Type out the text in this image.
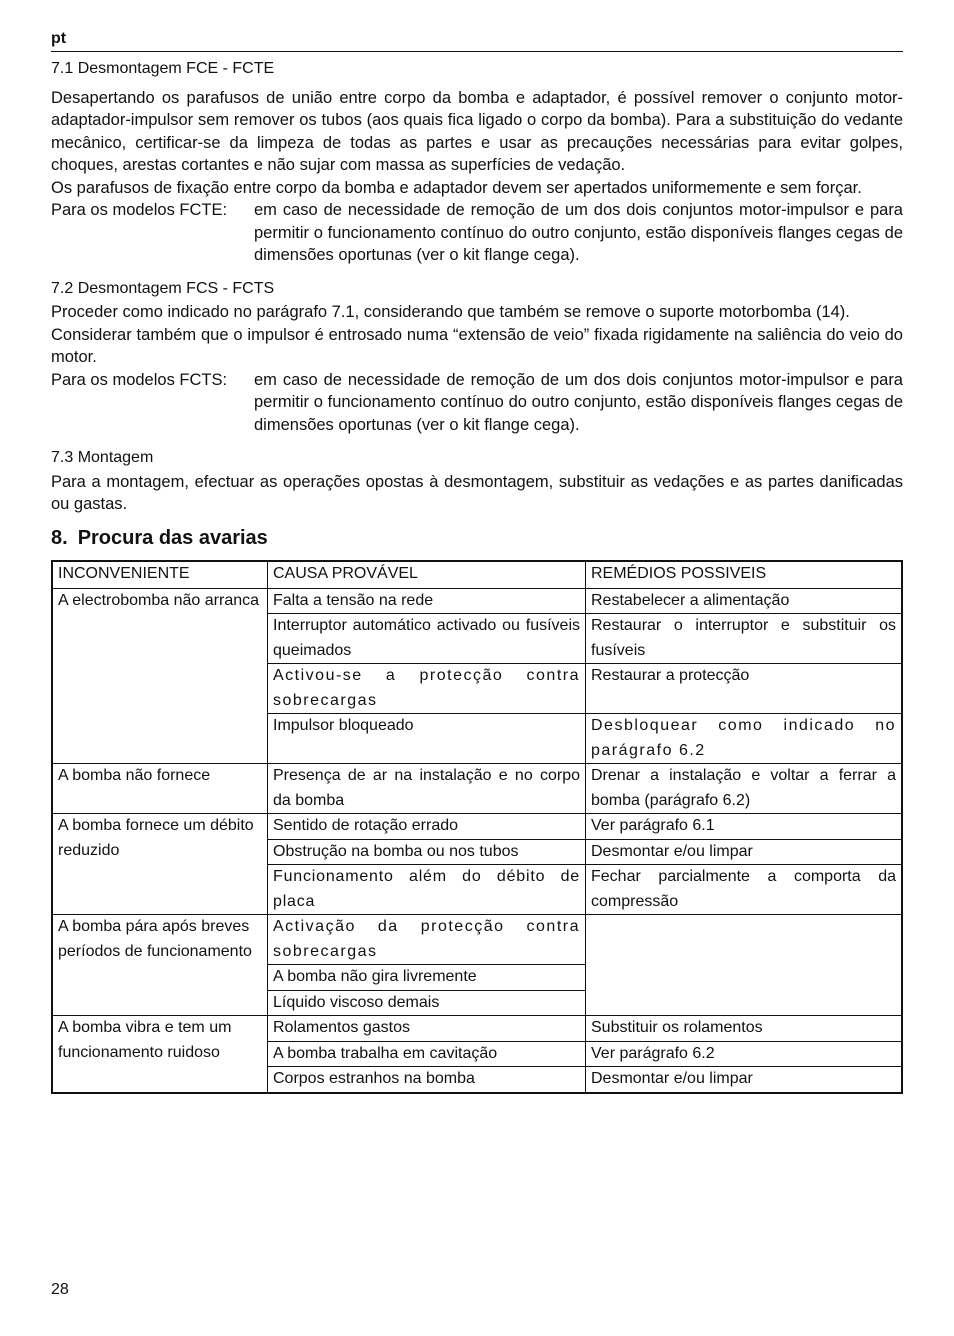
pt
7.1 Desmontagem FCE - FCTE

Desapertando os parafusos de união entre corpo da bomba e adaptador, é possível remover o conjunto motor-adaptador-impulsor sem remover os tubos (aos quais fica ligado o corpo da bomba). Para a substituição do vedante mecânico, certificar-se da limpeza de todas as partes e usar as precauções necessárias para evitar golpes, choques, arestas cortantes e não sujar com massa as superfícies de vedação.

Os parafusos de fixação entre corpo da bomba e adaptador devem ser apertados uniformemente e sem forçar.

Para os modelos FCTE:	em caso de necessidade de remoção de um dos dois conjuntos motor-impulsor e para permitir o funcionamento contínuo do outro conjunto, estão disponíveis flanges cegas de dimensões oportunas (ver o kit flange cega).
7.2 Desmontagem FCS - FCTS

Proceder como indicado no parágrafo 7.1, considerando que também se remove o suporte motorbomba (14).

Considerar também que o impulsor é entrosado numa “extensão de veio” fixada rigidamente na saliência do veio do motor.

Para os modelos FCTS:	em caso de necessidade de remoção de um dos dois conjuntos motor-impulsor e para permitir o funcionamento contínuo do outro conjunto, estão disponíveis flanges cegas de dimensões oportunas (ver o kit flange cega).
7.3 Montagem

Para a montagem, efectuar as operações opostas à desmontagem, substituir as vedações e as partes danificadas ou gastas.

8. Procura das avarias
INCONVENIENTE	CAUSA PROVÁVEL	REMÉDIOS POSSIVEIS
A electrobomba não arranca	Falta a tensão na rede	Restabelecer a alimentação
	Interruptor automático activado ou fusíveis queimados	Restaurar o interruptor e substituir os fusíveis
	Activou-se a protecção contra sobrecargas	Restaurar a protecção
	Impulsor bloqueado	Desbloquear como indicado no parágrafo 6.2
A bomba não fornece	Presença de ar na instalação e no corpo da bomba	Drenar a instalação e voltar a ferrar a bomba (parágrafo 6.2)
A bomba fornece um débito reduzido	Sentido de rotação errado	Ver parágrafo 6.1
	Obstrução na bomba ou nos tubos	Desmontar e/ou limpar
	Funcionamento além do débito de placa	Fechar parcialmente a comporta da compressão
A bomba pára após breves períodos de funcionamento	Activação da protecção contra sobrecargas	
	A bomba não gira livremente	
	Líquido viscoso demais	
A bomba vibra e tem um funcionamento ruidoso	Rolamentos gastos	Substituir os rolamentos
	A bomba trabalha em cavitação	Ver parágrafo 6.2
	Corpos estranhos na bomba	Desmontar e/ou limpar
28
